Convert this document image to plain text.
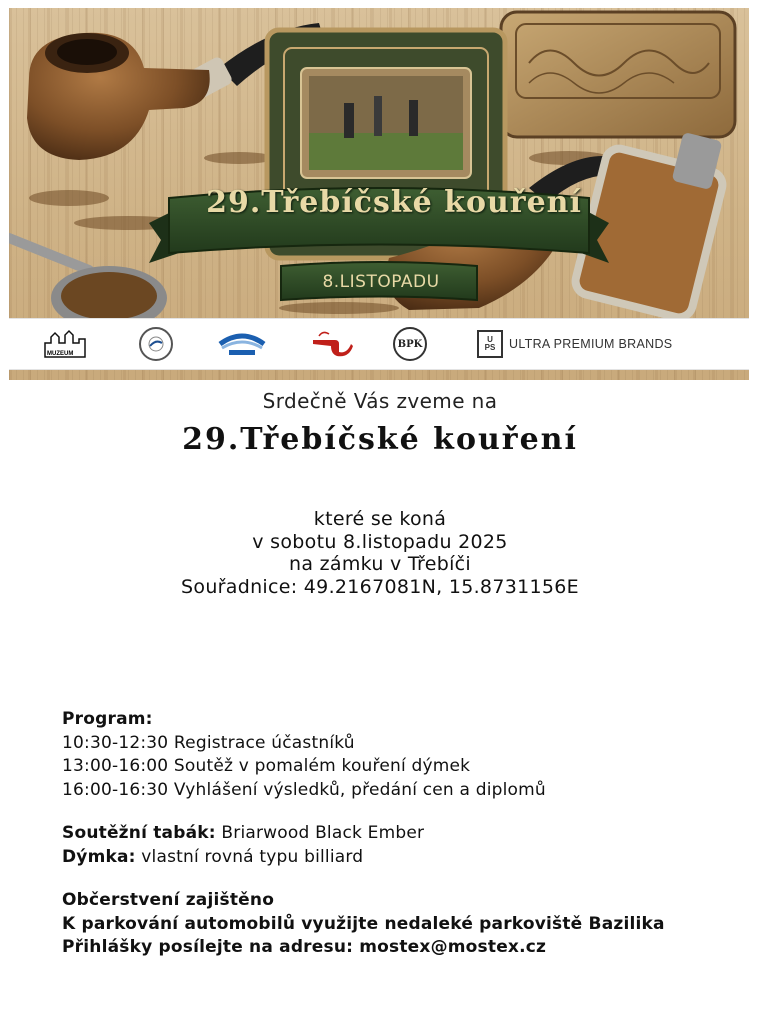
29.Třebíčské kouření
8.LISTOPADU
MUZEUM
BPK	U
PS ULTRA PREMIUM BRANDS
Srdečně Vás zveme na
29.Třebíčské kouření
které se koná
v sobotu 8.listopadu 2025
na zámku v Třebíči
Souřadnice: 49.2167081N, 15.8731156E
Program:
10:30-12:30 Registrace účastníků
13:00-16:00 Soutěž v pomalém kouření dýmek
16:00-16:30 Vyhlášení výsledků, předání cen a diplomů
Soutěžní tabák: Briarwood Black Ember
Dýmka: vlastní rovná typu billiard
Občerstvení zajištěno
K parkování automobilů využijte nedaleké parkoviště Bazilika
Přihlášky posílejte na adresu: mostex@mostex.cz
